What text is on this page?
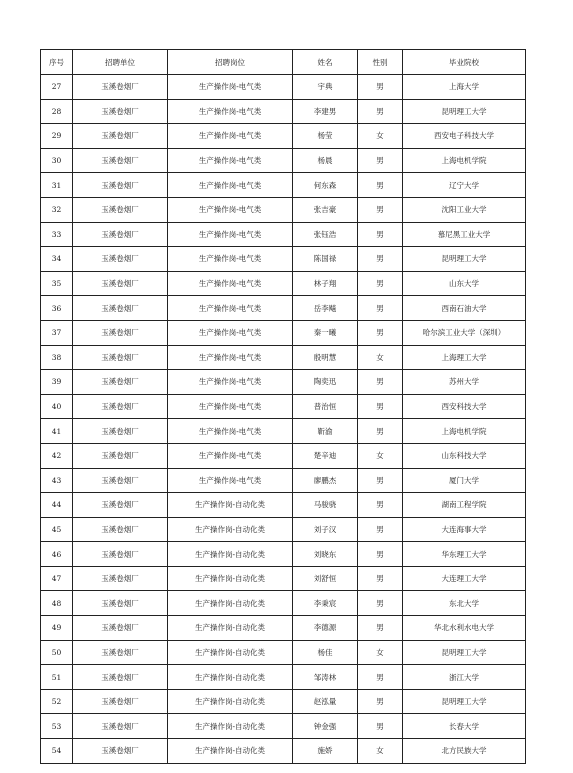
序号	招聘单位	招聘岗位	姓名	性别	毕业院校
27	玉溪卷烟厂	生产操作岗-电气类	宇典	男	上海大学
28	玉溪卷烟厂	生产操作岗-电气类	李建男	男	昆明理工大学
29	玉溪卷烟厂	生产操作岗-电气类	杨莹	女	西安电子科技大学
30	玉溪卷烟厂	生产操作岗-电气类	杨晨	男	上海电机学院
31	玉溪卷烟厂	生产操作岗-电气类	何东森	男	辽宁大学
32	玉溪卷烟厂	生产操作岗-电气类	张吉豪	男	沈阳工业大学
33	玉溪卷烟厂	生产操作岗-电气类	张钰浩	男	慕尼黑工业大学
34	玉溪卷烟厂	生产操作岗-电气类	陈国禄	男	昆明理工大学
35	玉溪卷烟厂	生产操作岗-电气类	林子翔	男	山东大学
36	玉溪卷烟厂	生产操作岗-电气类	岳李飚	男	西南石油大学
37	玉溪卷烟厂	生产操作岗-电气类	秦一曦	男	哈尔滨工业大学（深圳）
38	玉溪卷烟厂	生产操作岗-电气类	殷明慧	女	上海理工大学
39	玉溪卷烟厂	生产操作岗-电气类	陶奕迅	男	苏州大学
40	玉溪卷烟厂	生产操作岗-电气类	普治恒	男	西安科技大学
41	玉溪卷烟厂	生产操作岗-电气类	靳渝	男	上海电机学院
42	玉溪卷烟厂	生产操作岗-电气类	楚辛迪	女	山东科技大学
43	玉溪卷烟厂	生产操作岗-电气类	廖鹏杰	男	厦门大学
44	玉溪卷烟厂	生产操作岗-自动化类	马骏骁	男	湖南工程学院
45	玉溪卷烟厂	生产操作岗-自动化类	刘子汉	男	大连海事大学
46	玉溪卷烟厂	生产操作岗-自动化类	刘晓东	男	华东理工大学
47	玉溪卷烟厂	生产操作岗-自动化类	刘舒恒	男	大连理工大学
48	玉溪卷烟厂	生产操作岗-自动化类	李秉宸	男	东北大学
49	玉溪卷烟厂	生产操作岗-自动化类	李德源	男	华北水利水电大学
50	玉溪卷烟厂	生产操作岗-自动化类	杨佳	女	昆明理工大学
51	玉溪卷烟厂	生产操作岗-自动化类	邹涛林	男	浙江大学
52	玉溪卷烟厂	生产操作岗-自动化类	赵泓量	男	昆明理工大学
53	玉溪卷烟厂	生产操作岗-自动化类	钟金强	男	长春大学
54	玉溪卷烟厂	生产操作岗-自动化类	施娇	女	北方民族大学
